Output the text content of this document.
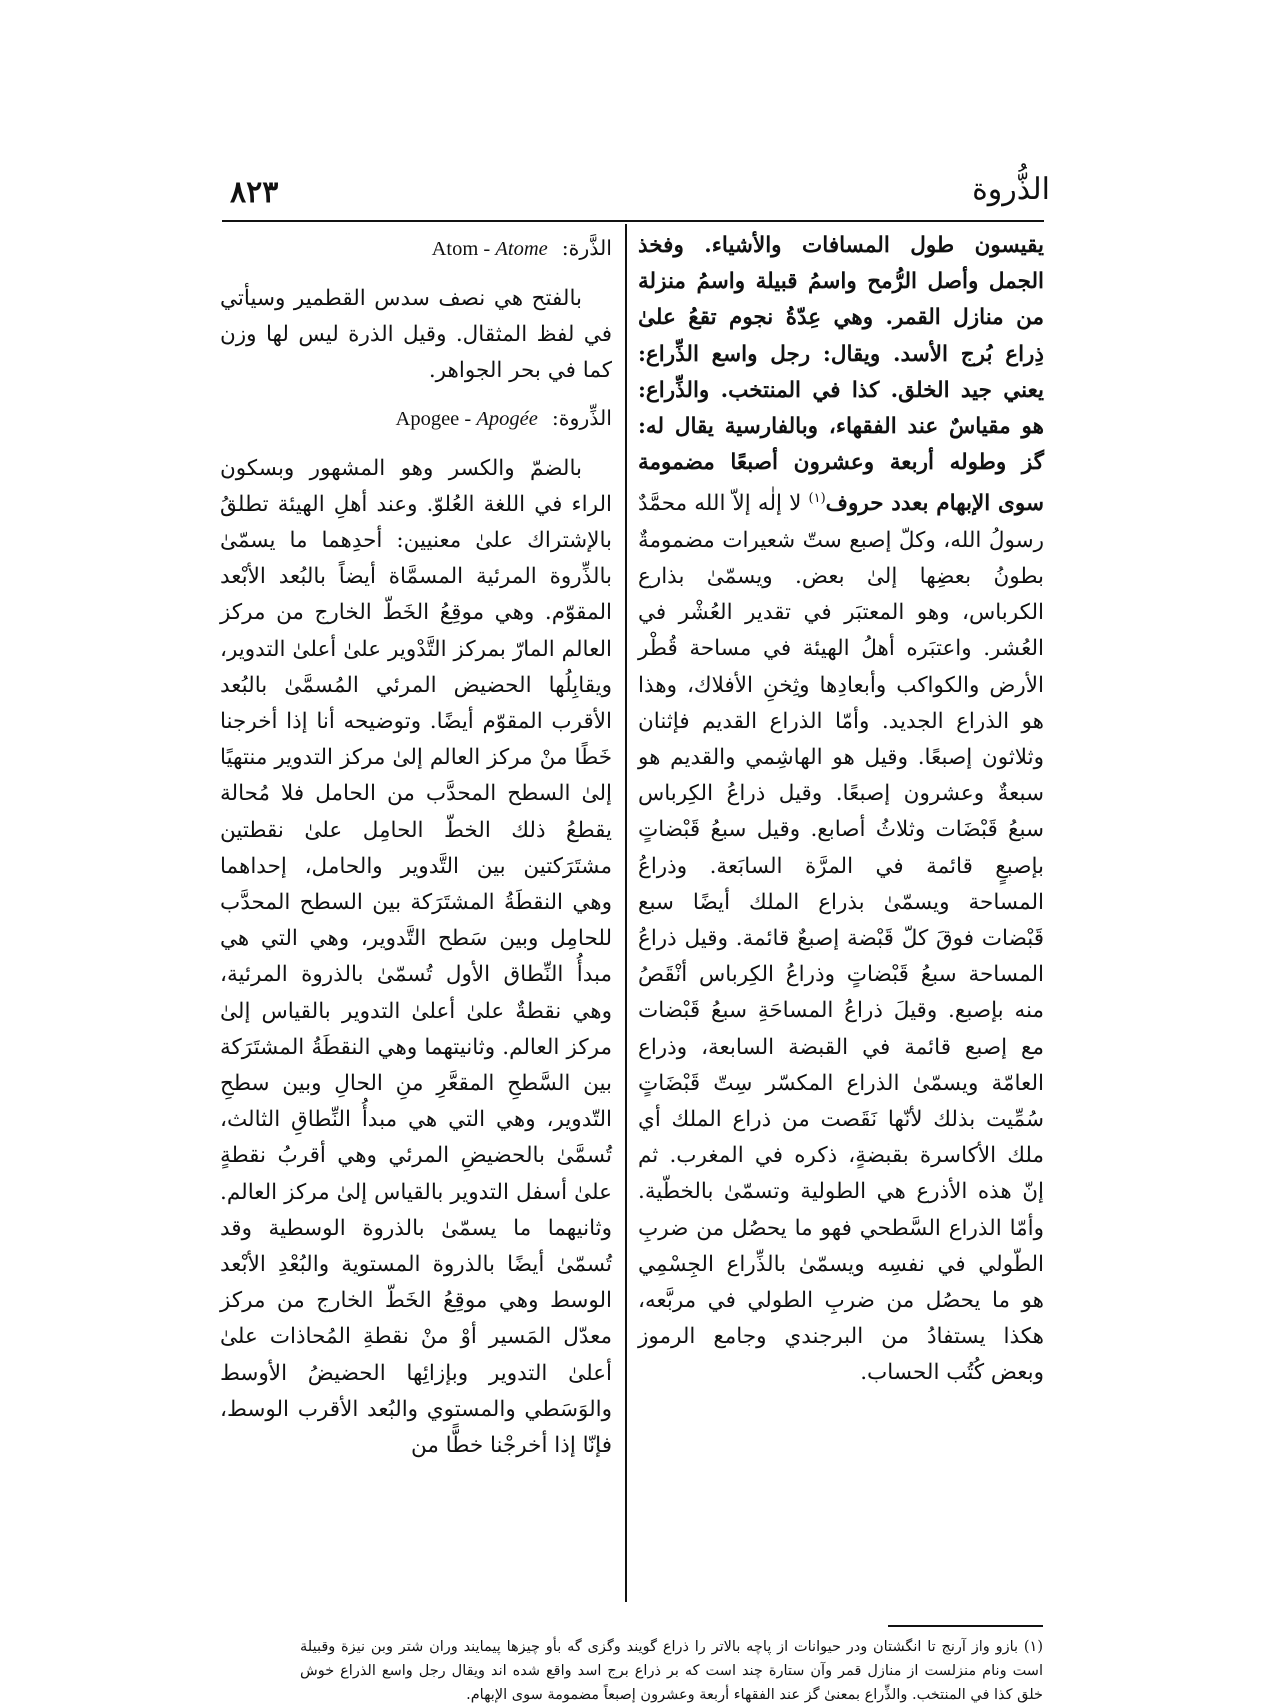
٨٢٣	الذُّروة
يقيسون طول المسافات والأشياء. وفخذ الجمل وأصل الرُّمح واسمُ قبيلة واسمُ منزلة من منازل القمر. وهي عِدّةُ نجوم تقعُ علىٰ ذِراع بُرج الأسد. ويقال: رجل واسع الذِّراع: يعني جيد الخلق. كذا في المنتخب. والذِّراع: هو مقياسٌ عند الفقهاء، وبالفارسية يقال له: گز وطوله أربعة وعشرون أصبعًا مضمومة سوى الإبهام بعدد حروف$^{(١)}$ لا إلٰه إلاّ الله محمَّدٌ رسولُ الله، وكلّ إصبع ستّ شعيرات مضمومةٌ بطونُ بعضِها إلىٰ بعض. ويسمّىٰ بذارع الكرباس، وهو المعتبَر في تقدير العُشْر في العُشر. واعتبَره أهلُ الهيئة في مساحة قُطْر الأرض والكواكب وأبعادِها وثِخنِ الأفلاك، وهذا هو الذراع الجديد. وأمّا الذراع القديم فإثنان وثلاثون إصبعًا. وقيل هو الهاشِمي والقديم هو سبعةٌ وعشرون إصبعًا. وقيل ذراعُ الكِرباس سبعُ قَبْضَات وثلاثُ أصابع. وقيل سبعُ قَبْضاتٍ بإصبعٍ قائمة في المرَّة السابَعة. وذراعُ المساحة ويسمّىٰ بذراع الملك أيضًا سبع قَبْضات فوقَ كلّ قَبْضة إصبعٌ قائمة. وقيل ذراعُ المساحة سبعُ قَبْضاتٍ وذراعُ الكِرباس أنْقَصُ منه بإصبع. وقيلَ ذراعُ المساحَةِ سبعُ قَبْضات مع إصبع قائمة في القبضة السابعة، وذراع العامّة ويسمّىٰ الذراع المكسّر سِتّ قَبْضَاتٍ سُمِّيت بذلك لأنّها نَقَصت من ذراع الملك أي ملك الأكاسرة بقبضةٍ، ذكره في المغرب. ثم إنّ هذه الأذرع هي الطولية وتسمّىٰ بالخطّية. وأمّا الذراع السَّطحي فهو ما يحصُل من ضربِ الطّولي في نفسِه ويسمّىٰ بالذِّراع الجِسْمِي هو ما يحصُل من ضربِ الطولي في مربَّعه، هكذا يستفادُ من البرجندي وجامع الرموز وبعض كُتُب الحساب.
الذَّرة:
Atom - Atome
بالفتح هي نصف سدس القطمير وسيأتي في لفظ المثقال. وقيل الذرة ليس لها وزن كما في بحر الجواهر.
الذِّروة:
Apogee - Apogée
بالضمّ والكسر وهو المشهور وبسكون الراء في اللغة العُلوّ. وعند أهلِ الهيئة تطلقُ بالإشتراك علىٰ معنيين: أحدِهما ما يسمّىٰ بالذِّروة المرئية المسمَّاة أيضاً بالبُعد الأبْعد المقوّم. وهي موقِعُ الخَطّ الخارج من مركز العالم المارّ بمركز التَّدْوير علىٰ أعلىٰ التدوير، ويقابِلُها الحضيض المرئي المُسمَّىٰ بالبُعد الأقرب المقوّم أيضًا. وتوضيحه أنا إذا أخرجنا خَطًا منْ مركز العالم إلىٰ مركز التدوير منتهيًا إلىٰ السطح المحدَّب من الحامل فلا مُحالة يقطعُ ذلك الخطّ الحامِل علىٰ نقطتين مشتَرَكتين بين التَّدوير والحامل، إحداهما وهي النقطَةُ المشتَرَكة بين السطح المحدَّب للحامِل وبين سَطح التَّدوير، وهي التي هي مبدأُ النِّطاق الأول تُسمّىٰ بالذروة المرئية، وهي نقطةٌ علىٰ أعلىٰ التدوير بالقياس إلىٰ مركز العالم. وثانيتهما وهي النقطَةُ المشتَرَكة بين السَّطحِ المقعَّرِ منِ الحالِ وبين سطحِ التّدوير، وهي التي هي مبدأُ النِّطاقِ الثالث، تُسمَّىٰ بالحضيضِ المرئي وهي أقربُ نقطةٍ علىٰ أسفل التدوير بالقياس إلىٰ مركز العالم. وثانيهما ما يسمّىٰ بالذروة الوسطية وقد تُسمّىٰ أيضًا بالذروة المستوية والبُعْدِ الأبْعد الوسط وهي موقِعُ الخَطّ الخارج من مركز معدّل المَسير أوْ منْ نقطةِ المُحاذات علىٰ أعلىٰ التدوير وبإزائِها الحضيضُ الأوسط والوَسَطي والمستوي والبُعد الأقرب الوسط، فإنّا إذا أخرجْنا خطًّا من
(١) بازو واز آرنج تا انگشتان ودر حيوانات از پاچه بالاتر را ذراع گويند وگزى گه بأو چيزها پيمايند وران شتر وبن نيزة وقبيلة است ونام منزلست از منازل قمر وآن ستارة چند است كه بر ذراع برج اسد واقع شده اند ويقال رجل واسع الذراع خوش خلق كذا في المنتخب. والذِّراع بمعنىٰ گز عند الفقهاء أربعة وعشرون إصبعاً مضمومة سوى الإبهام.
